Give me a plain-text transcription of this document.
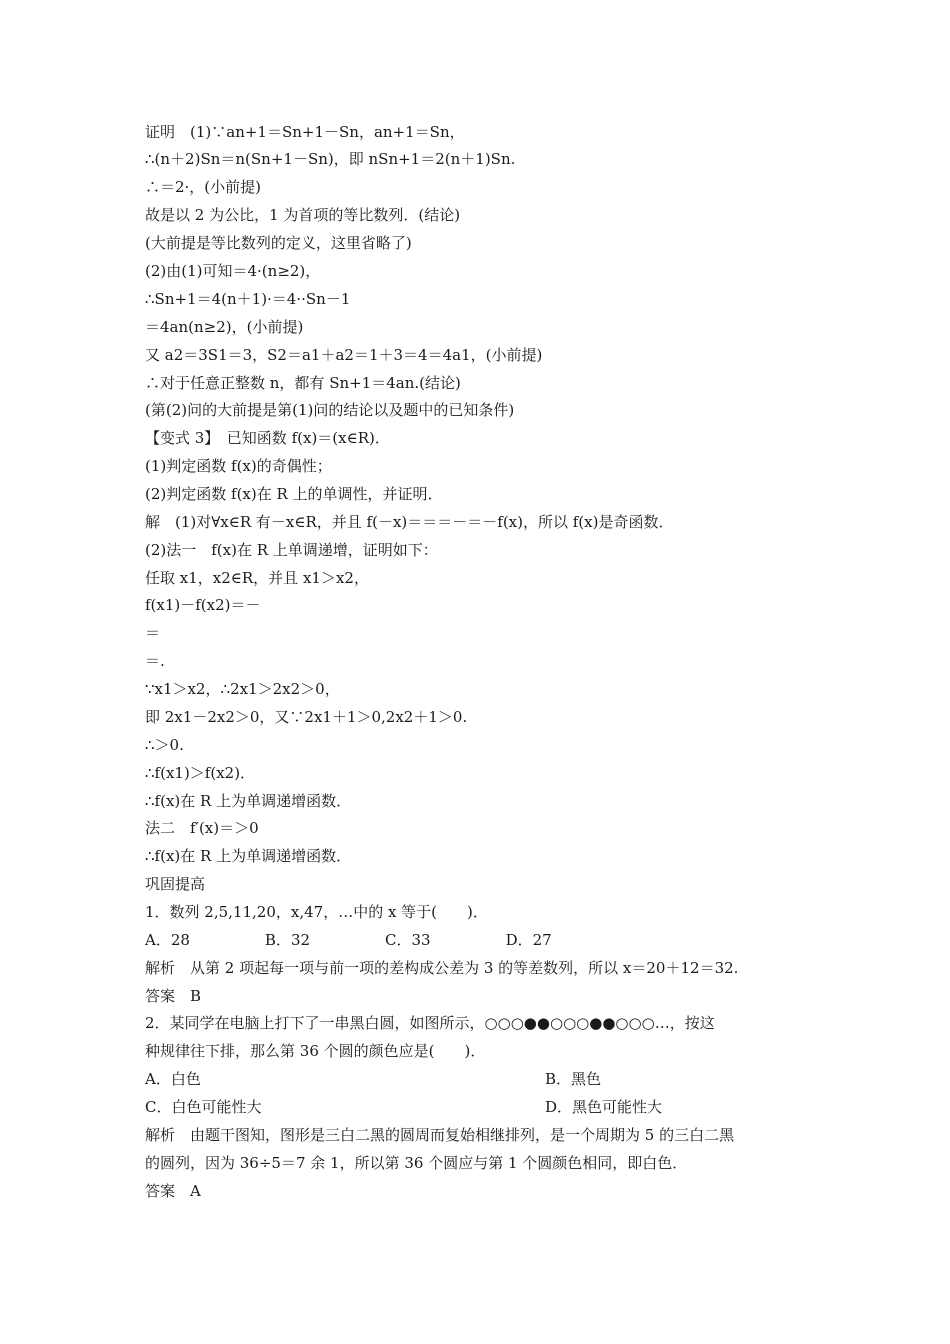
证明　(1)∵an+1＝Sn+1－Sn，an+1＝Sn，
∴(n＋2)Sn＝n(Sn+1－Sn)，即 nSn+1＝2(n＋1)Sn.
∴＝2·，(小前提)
故是以 2 为公比，1 为首项的等比数列．(结论)
(大前提是等比数列的定义，这里省略了)
(2)由(1)可知＝4·(n≥2)，
∴Sn+1＝4(n＋1)·＝4··Sn－1
＝4an(n≥2)，(小前提)
又 a2＝3S1＝3，S2＝a1＋a2＝1＋3＝4＝4a1，(小前提)
∴对于任意正整数 n，都有 Sn+1＝4an.(结论)
(第(2)问的大前提是第(1)问的结论以及题中的已知条件)
【变式 3】　已知函数 f(x)＝(x∈R)．
(1)判定函数 f(x)的奇偶性；
(2)判定函数 f(x)在 R 上的单调性，并证明．
解　(1)对∀x∈R 有－x∈R，并且 f(－x)＝＝＝－＝－f(x)，所以 f(x)是奇函数．
(2)法一　f(x)在 R 上单调递增，证明如下：
任取 x1，x2∈R，并且 x1＞x2，
f(x1)－f(x2)＝－
＝
＝.
∵x1＞x2，∴2x1＞2x2＞0，
即 2x1－2x2＞0，又∵2x1＋1＞0,2x2＋1＞0.
∴＞0.
∴f(x1)＞f(x2)．
∴f(x)在 R 上为单调递增函数．
法二　f′(x)＝＞0
∴f(x)在 R 上为单调递增函数．
巩固提高
1．数列 2,5,11,20，x,47，…中的 x 等于(　　)．
A．28　　　　　B．32　　　　　C．33　　　　　D．27
解析　从第 2 项起每一项与前一项的差构成公差为 3 的等差数列，所以 x＝20＋12＝32.
答案　B
2．某同学在电脑上打下了一串黑白圆，如图所示，○○○●●○○○●●○○○…，按这
种规律往下排，那么第 36 个圆的颜色应是(　　)．
A．白色	B．黑色
C．白色可能性大	D．黑色可能性大
解析　由题干图知，图形是三白二黑的圆周而复始相继排列，是一个周期为 5 的三白二黑
的圆列，因为 36÷5＝7 余 1，所以第 36 个圆应与第 1 个圆颜色相同，即白色．
答案　A
